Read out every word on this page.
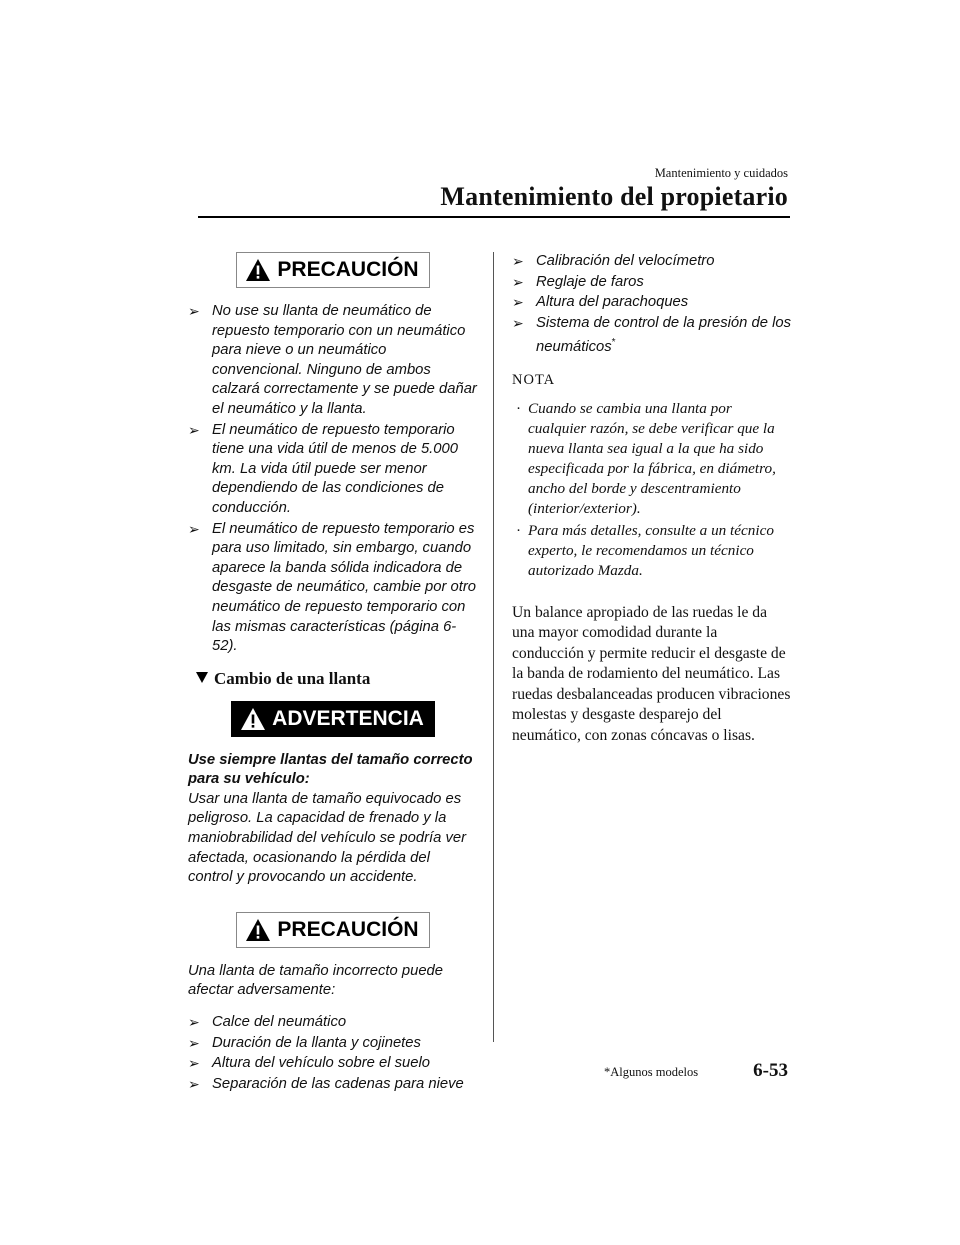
Mantenimiento y cuidados
Mantenimiento del propietario
PRECAUCIÓN
➢ No use su llanta de neumático de repuesto temporario con un neumático para nieve o un neumático convencional. Ninguno de ambos calzará correctamente y se puede dañar el neumático y la llanta.
➢ El neumático de repuesto temporario tiene una vida útil de menos de 5.000 km. La vida útil puede ser menor dependiendo de las condiciones de conducción.
➢ El neumático de repuesto temporario es para uso limitado, sin embargo, cuando aparece la banda sólida indicadora de desgaste de neumático, cambie por otro neumático de repuesto temporario con las mismas características (página 6-52).
Cambio de una llanta
ADVERTENCIA
Use siempre llantas del tamaño correcto para su vehículo:
Usar una llanta de tamaño equivocado es peligroso. La capacidad de frenado y la maniobrabilidad del vehículo se podría ver afectada, ocasionando la pérdida del control y provocando un accidente.
PRECAUCIÓN
Una llanta de tamaño incorrecto puede afectar adversamente:
➢ Calce del neumático
➢ Duración de la llanta y cojinetes
➢ Altura del vehículo sobre el suelo
➢ Separación de las cadenas para nieve
➢ Calibración del velocímetro
➢ Reglaje de faros
➢ Altura del parachoques
➢ Sistema de control de la presión de los neumáticos*
NOTA
· Cuando se cambia una llanta por cualquier razón, se debe verificar que la nueva llanta sea igual a la que ha sido especificada por la fábrica, en diámetro, ancho del borde y descentramiento (interior/exterior).
· Para más detalles, consulte a un técnico experto, le recomendamos un técnico autorizado Mazda.
Un balance apropiado de las ruedas le da una mayor comodidad durante la conducción y permite reducir el desgaste de la banda de rodamiento del neumático. Las ruedas desbalanceadas producen vibraciones molestas y desgaste desparejo del neumático, con zonas cóncavas o lisas.
*Algunos modelos	6-53
